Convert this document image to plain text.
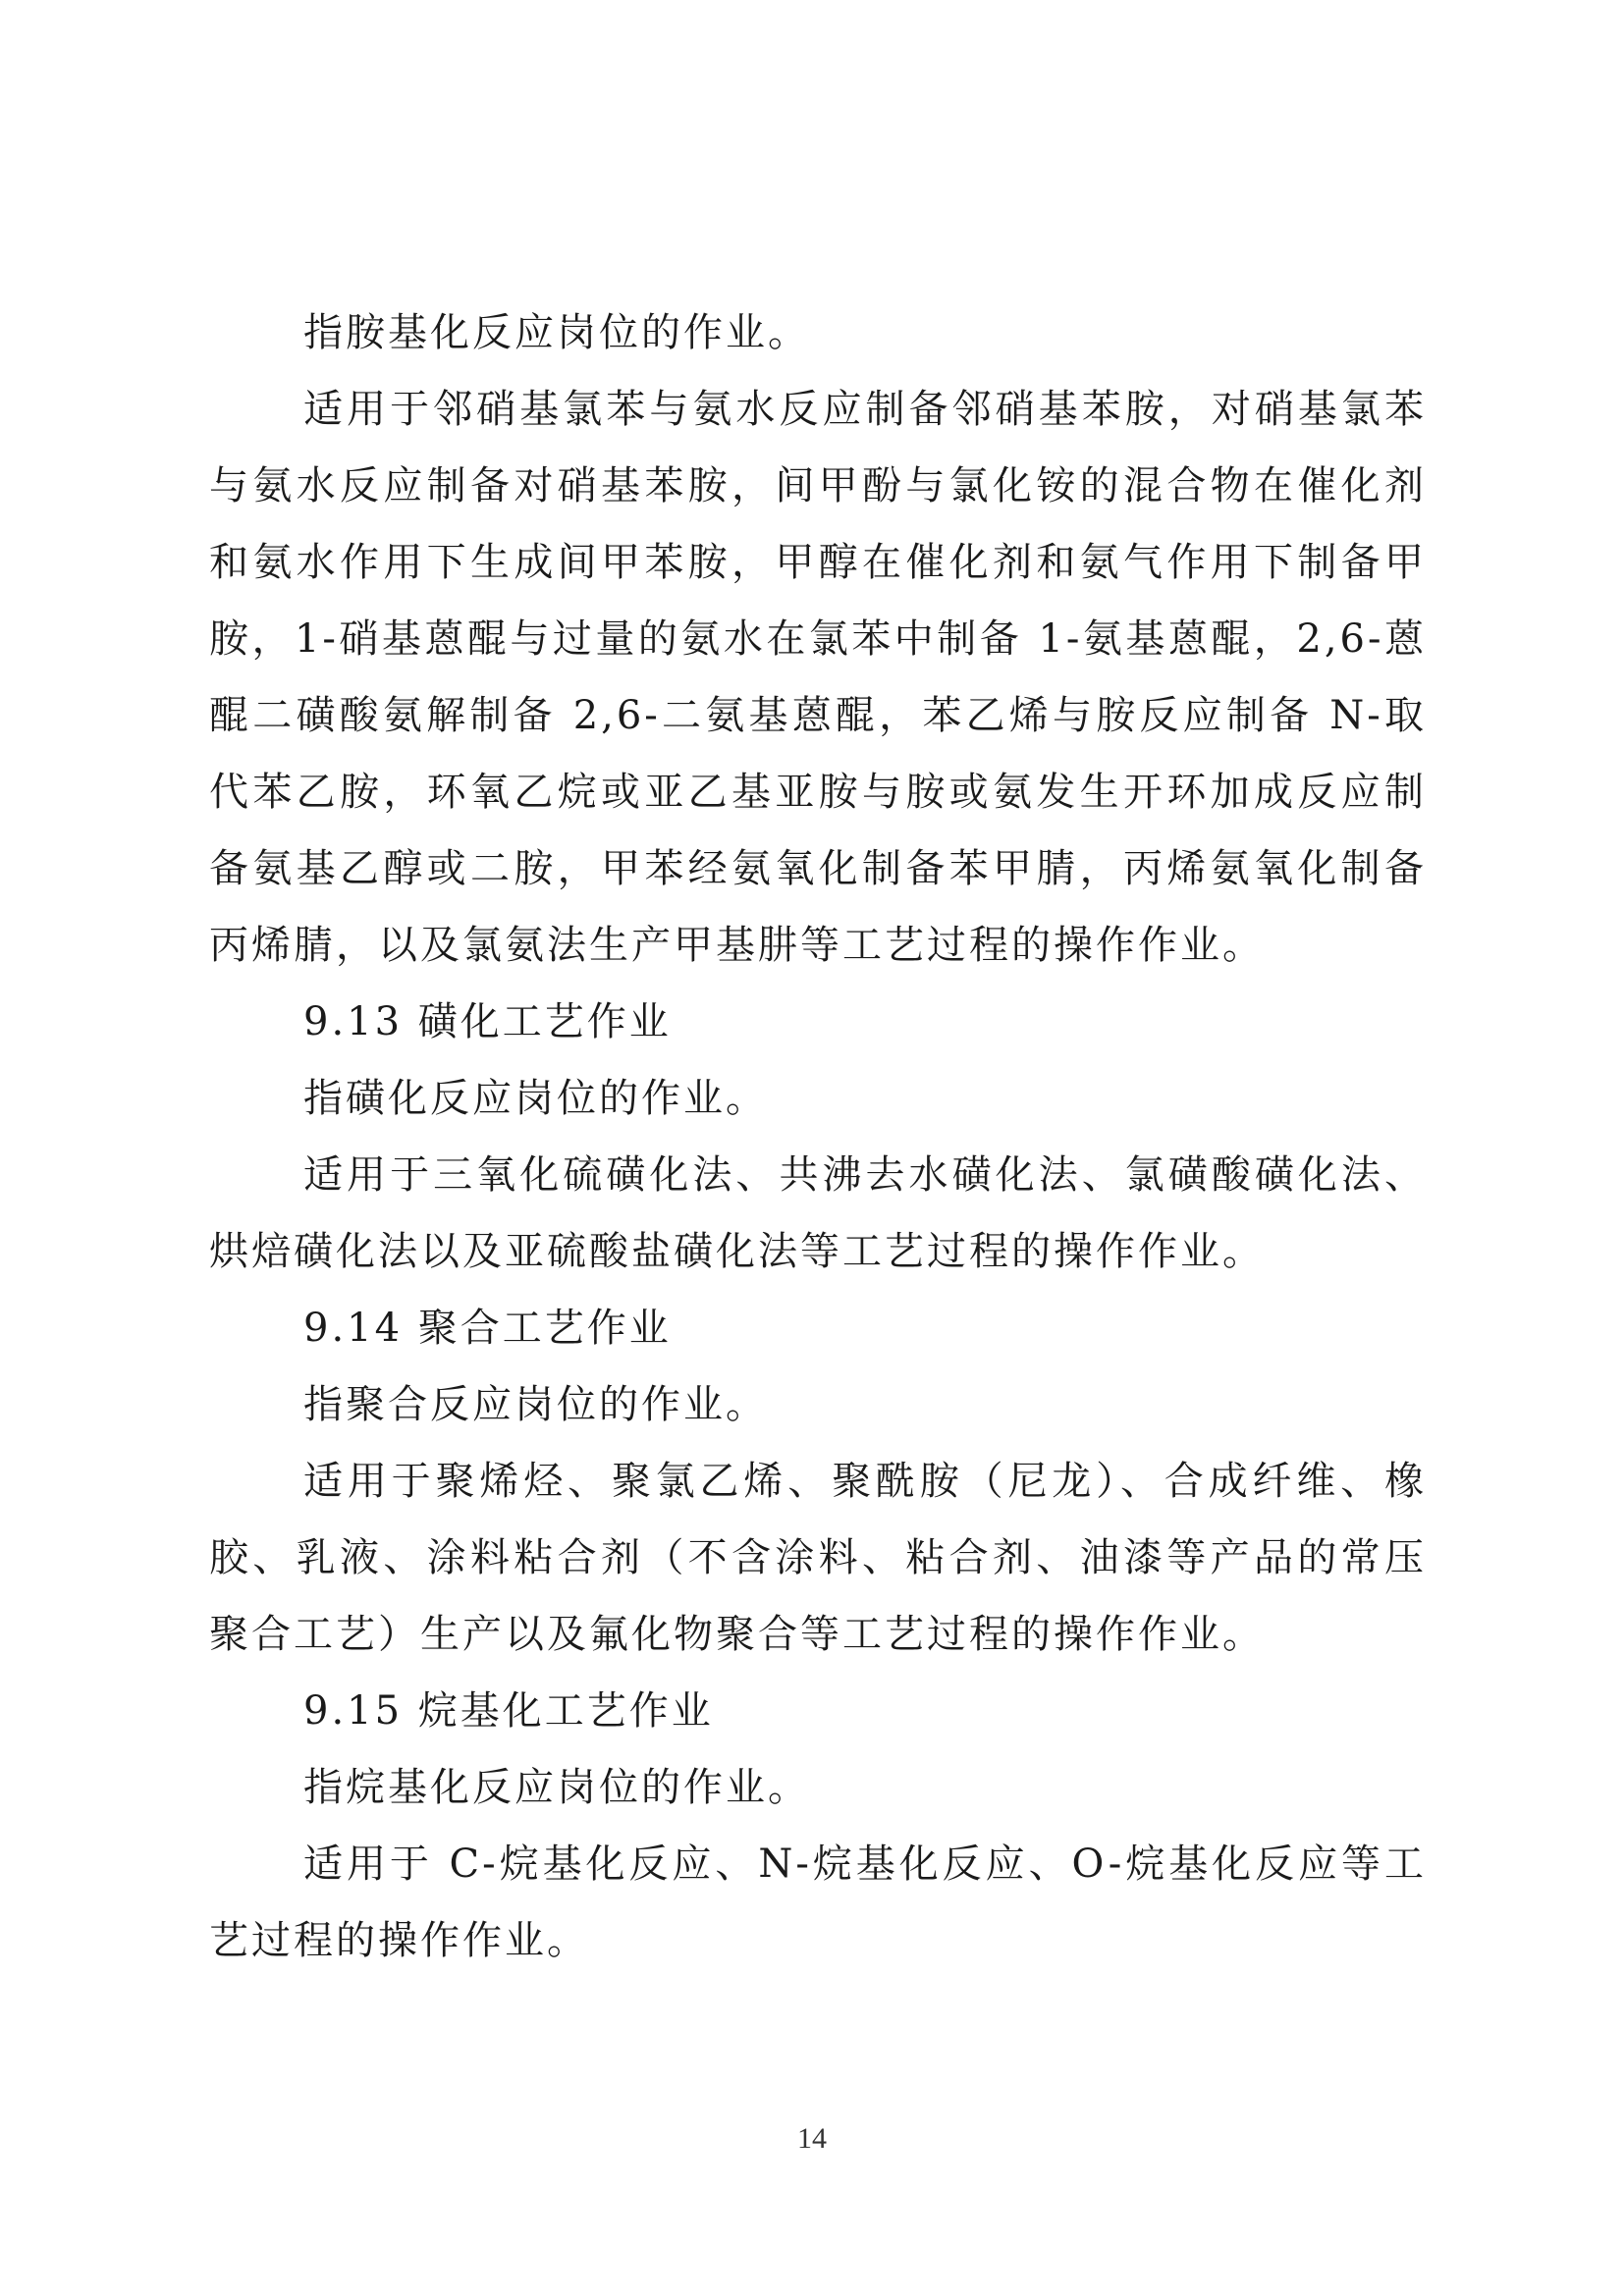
指胺基化反应岗位的作业。

适用于邻硝基氯苯与氨水反应制备邻硝基苯胺，对硝基氯苯与氨水反应制备对硝基苯胺，间甲酚与氯化铵的混合物在催化剂和氨水作用下生成间甲苯胺，甲醇在催化剂和氨气作用下制备甲胺，1-硝基蒽醌与过量的氨水在氯苯中制备 1-氨基蒽醌，2,6-蒽醌二磺酸氨解制备 2,6-二氨基蒽醌，苯乙烯与胺反应制备 N-取代苯乙胺，环氧乙烷或亚乙基亚胺与胺或氨发生开环加成反应制备氨基乙醇或二胺，甲苯经氨氧化制备苯甲腈，丙烯氨氧化制备丙烯腈，以及氯氨法生产甲基肼等工艺过程的操作作业。

9.13 磺化工艺作业

指磺化反应岗位的作业。

适用于三氧化硫磺化法、共沸去水磺化法、氯磺酸磺化法、烘焙磺化法以及亚硫酸盐磺化法等工艺过程的操作作业。

9.14 聚合工艺作业

指聚合反应岗位的作业。

适用于聚烯烃、聚氯乙烯、聚酰胺（尼龙）、合成纤维、橡胶、乳液、涂料粘合剂（不含涂料、粘合剂、油漆等产品的常压聚合工艺）生产以及氟化物聚合等工艺过程的操作作业。

9.15 烷基化工艺作业

指烷基化反应岗位的作业。

适用于 C-烷基化反应、N-烷基化反应、O-烷基化反应等工艺过程的操作作业。

14
